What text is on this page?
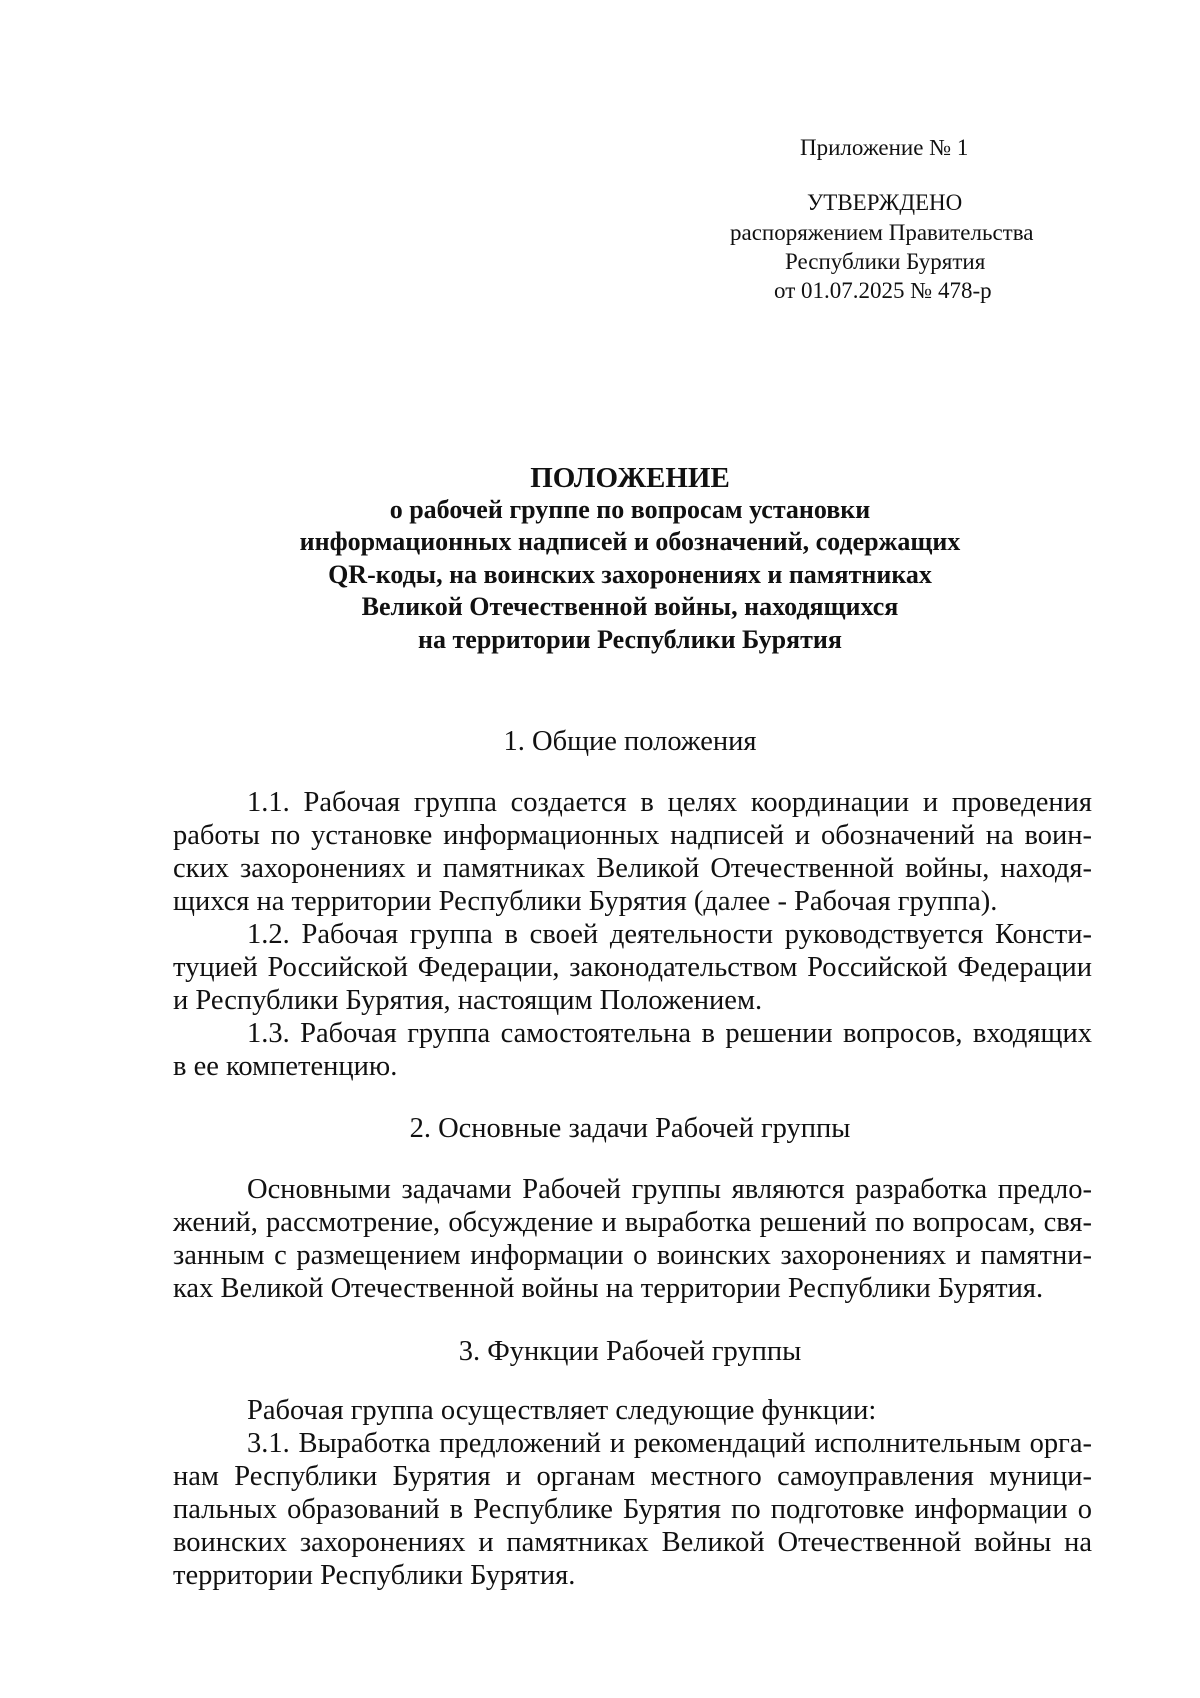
Приложение № 1
УТВЕРЖДЕНО
распоряжением Правительства
Республики Бурятия
от 01.07.2025 № 478-р
ПОЛОЖЕНИЕ
о рабочей группе по вопросам установки
информационных надписей и обозначений, содержащих
QR-коды, на воинских захоронениях и памятниках
Великой Отечественной войны, находящихся
на территории Республики Бурятия
1. Общие положения
1.1. Рабочая группа создается в целях координации и проведения
работы по установке информационных надписей и обозначений на воин-
ских захоронениях и памятниках Великой Отечественной войны, находя-
щихся на территории Республики Бурятия (далее - Рабочая группа).
1.2. Рабочая группа в своей деятельности руководствуется Консти-
туцией Российской Федерации, законодательством Российской Федерации
и Республики Бурятия, настоящим Положением.
1.3. Рабочая группа самостоятельна в решении вопросов, входящих
в ее компетенцию.
2. Основные задачи Рабочей группы
Основными задачами Рабочей группы являются разработка предло-
жений, рассмотрение, обсуждение и выработка решений по вопросам, свя-
занным с размещением информации о воинских захоронениях и памятни-
ках Великой Отечественной войны на территории Республики Бурятия.
3. Функции Рабочей группы
Рабочая группа осуществляет следующие функции:
3.1. Выработка предложений и рекомендаций исполнительным орга-
нам Республики Бурятия и органам местного самоуправления муници-
пальных образований в Республике Бурятия по подготовке информации о
воинских захоронениях и памятниках Великой Отечественной войны на
территории Республики Бурятия.
